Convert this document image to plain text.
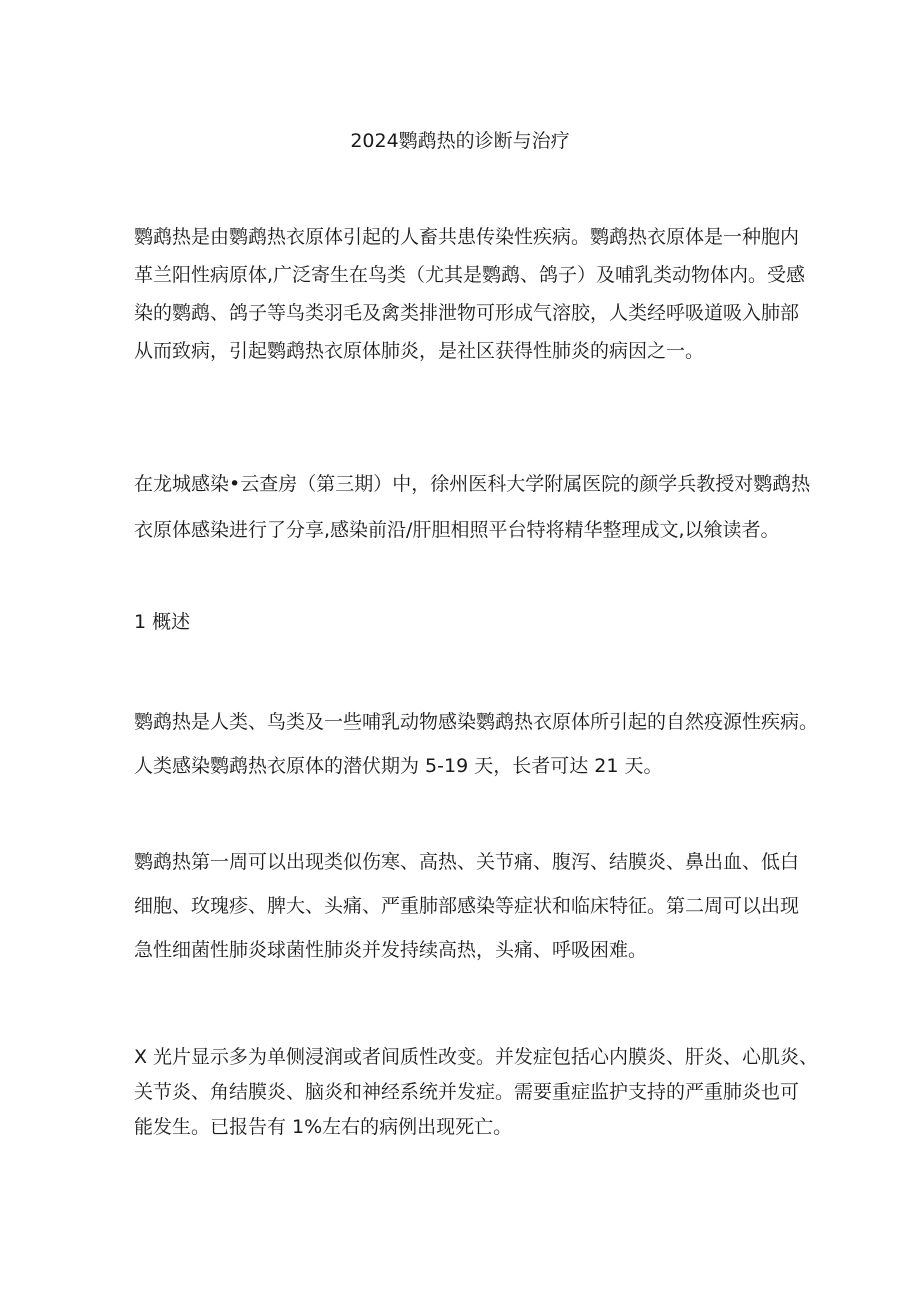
2024鹦鹉热的诊断与治疗

鹦鹉热是由鹦鹉热衣原体引起的人畜共患传染性疾病。鹦鹉热衣原体是一种胞内
革兰阳性病原体,广泛寄生在鸟类（尤其是鹦鹉、鸽子）及哺乳类动物体内。受感
染的鹦鹉、鸽子等鸟类羽毛及禽类排泄物可形成气溶胶，人类经呼吸道吸入肺部
从而致病，引起鹦鹉热衣原体肺炎，是社区获得性肺炎的病因之一。

在龙城感染•云查房（第三期）中，徐州医科大学附属医院的颜学兵教授对鹦鹉热
衣原体感染进行了分享,感染前沿/肝胆相照平台特将精华整理成文,以飨读者。

1 概述

鹦鹉热是人类、鸟类及一些哺乳动物感染鹦鹉热衣原体所引起的自然疫源性疾病。
人类感染鹦鹉热衣原体的潜伏期为 5-19 天，长者可达 21 天。

鹦鹉热第一周可以出现类似伤寒、高热、关节痛、腹泻、结膜炎、鼻出血、低白
细胞、玫瑰疹、脾大、头痛、严重肺部感染等症状和临床特征。第二周可以出现
急性细菌性肺炎球菌性肺炎并发持续高热，头痛、呼吸困难。

X 光片显示多为单侧浸润或者间质性改变。并发症包括心内膜炎、肝炎、心肌炎、
关节炎、角结膜炎、脑炎和神经系统并发症。需要重症监护支持的严重肺炎也可
能发生。已报告有 1%左右的病例出现死亡。
